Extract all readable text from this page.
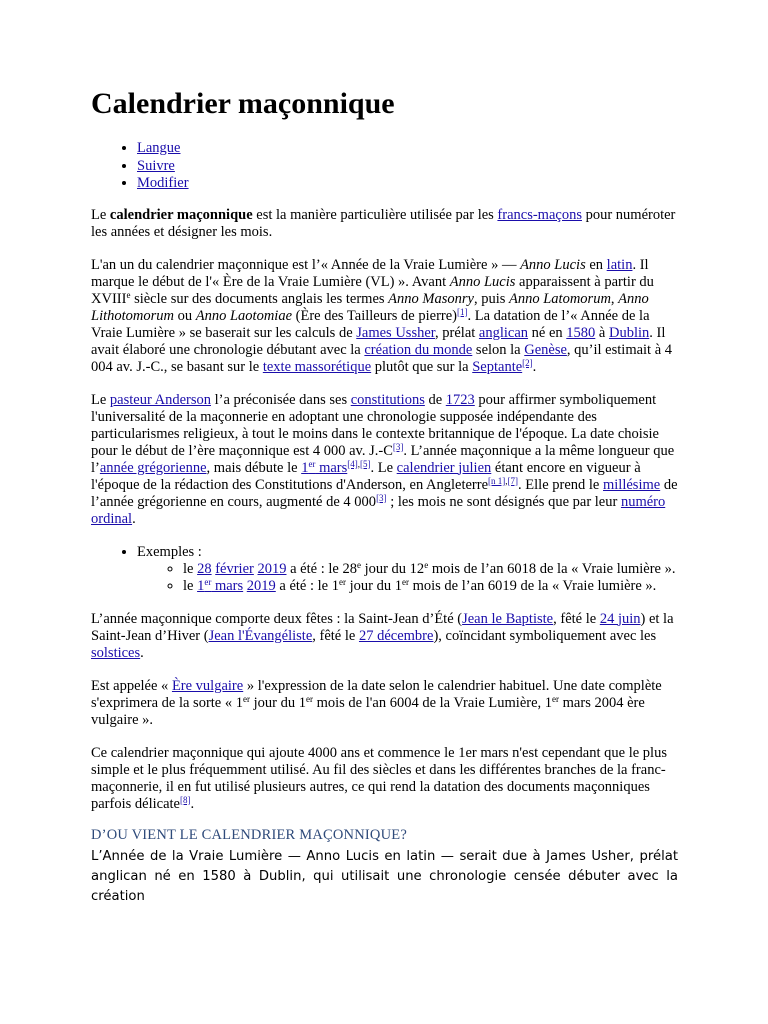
Calendrier maçonnique
• Langue
• Suivre
• Modifier

Le calendrier maçonnique est la manière particulière utilisée par les francs-maçons pour numéroter les années et désigner les mois.

L'an un du calendrier maçonnique est l’« Année de la Vraie Lumière » — Anno Lucis en latin. Il marque le début de l'« Ère de la Vraie Lumière (VL) ». Avant Anno Lucis apparaissent à partir du XVIIIe siècle sur des documents anglais les termes Anno Masonry, puis Anno Latomorum, Anno Lithotomorum ou Anno Laotomiae (Ère des Tailleurs de pierre)[1]. La datation de l’« Année de la Vraie Lumière » se baserait sur les calculs de James Ussher, prélat anglican né en 1580 à Dublin. Il avait élaboré une chronologie débutant avec la création du monde selon la Genèse, qu’il estimait à 4 004 av. J.-C., se basant sur le texte massorétique plutôt que sur la Septante[2].

Le pasteur Anderson l’a préconisée dans ses constitutions de 1723 pour affirmer symboliquement l'universalité de la maçonnerie en adoptant une chronologie supposée indépendante des particularismes religieux, à tout le moins dans le contexte britannique de l'époque. La date choisie pour le début de l’ère maçonnique est 4 000 av. J.-C[3]. L’année maçonnique a la même longueur que l’année grégorienne, mais débute le 1er mars[4],[5]. Le calendrier julien étant encore en vigueur à l'époque de la rédaction des Constitutions d'Anderson, en Angleterre[n 1],[7]. Elle prend le millésime de l’année grégorienne en cours, augmenté de 4 000[3] ; les mois ne sont désignés que par leur numéro ordinal.

• Exemples :
◦ le 28 février 2019 a été : le 28e jour du 12e mois de l’an 6018 de la « Vraie lumière ».
◦ le 1er mars 2019 a été : le 1er jour du 1er mois de l’an 6019 de la « Vraie lumière ».

L’année maçonnique comporte deux fêtes : la Saint-Jean d’Été (Jean le Baptiste, fêté le 24 juin) et la Saint-Jean d’Hiver (Jean l'Évangéliste, fêté le 27 décembre), coïncidant symboliquement avec les solstices.

Est appelée « Ère vulgaire » l'expression de la date selon le calendrier habituel. Une date complète s'exprimera de la sorte « 1er jour du 1er mois de l'an 6004 de la Vraie Lumière, 1er mars 2004 ère vulgaire ».

Ce calendrier maçonnique qui ajoute 4000 ans et commence le 1er mars n'est cependant que le plus simple et le plus fréquemment utilisé. Au fil des siècles et dans les différentes branches de la franc-maçonnerie, il en fut utilisé plusieurs autres, ce qui rend la datation des documents maçonniques parfois délicate[8].

D’OU VIENT LE CALENDRIER MAÇONNIQUE?

L’Année de la Vraie Lumière — Anno Lucis en latin — serait due à James Usher, prélat anglican né en 1580 à Dublin, qui utilisait une chronologie censée débuter avec la création
